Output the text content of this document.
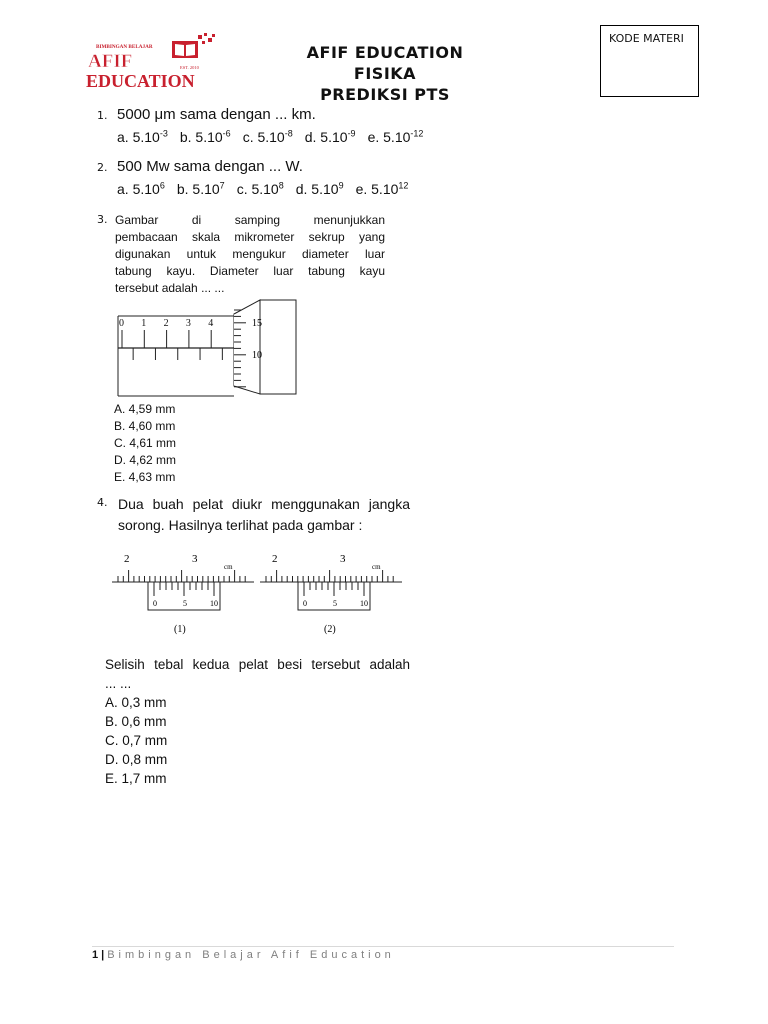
KODE MATERI
BIMBINGAN BELAJAR
AFIF	EST. 2010
EDUCATION
AFIF EDUCATION
FISIKA
PREDIKSI PTS
1. 5000 μm sama dengan ... km.
a. $5.10^{-3}$ b. $5.10^{-6}$ c. $5.10^{-8}$ d. $5.10^{-9}$ e. $5.10^{-12}$
2. 500 Mw sama dengan ... W.
a. 5.10$^6$ b. 5.10$^7$ c. 5.10$^8$ d. 5.10$^9$ e. 5.10$^{12}$
3. Gambar di samping menunjukkan
pembacaan skala mikrometer sekrup yang
digunakan untuk mengukur diameter luar
tabung kayu. Diameter luar tabung kayu
tersebut adalah ... ...
0 1 2 3 4	15
10
A. 4,59 mm
B. 4,60 mm
C. 4,61 mm
D. 4,62 mm
E. 4,63 mm
4. Dua buah pelat diukr menggunakan jangka
sorong. Hasilnya terlihat pada gambar :
2	3
cm
0	5	10
2	3
cm
0	5	10
(1)	(2)
Selisih tebal kedua pelat besi tersebut adalah
... ...
A. 0,3 mm
B. 0,6 mm
C. 0,7 mm
D. 0,8 mm
E. 1,7 mm
1 | Bimbingan Belajar Afif Education
